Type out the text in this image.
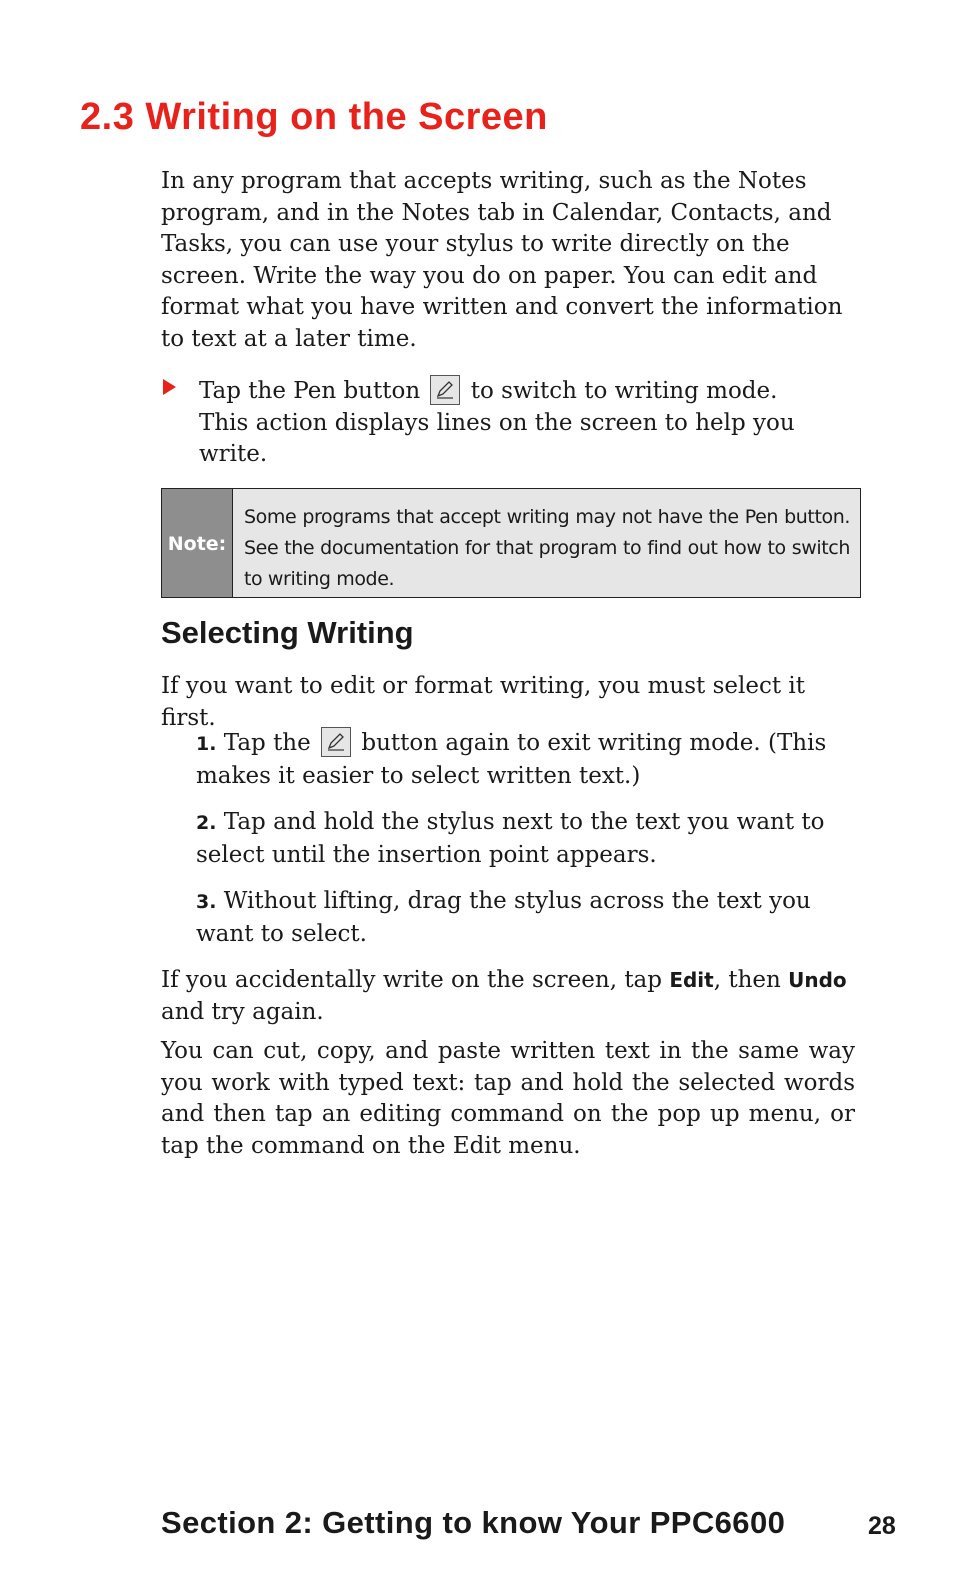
2.3 Writing on the Screen

In any program that accepts writing, such as the Notes program, and in the Notes tab in Calendar, Contacts, and Tasks, you can use your stylus to write directly on the screen. Write the way you do on paper. You can edit and format what you have written and convert the information to text at a later time.

Tap the Pen button to switch to writing mode.
This action displays lines on the screen to help you write.
Note:
Some programs that accept writing may not have the Pen button. See the documentation for that program to find out how to switch to writing mode.
Selecting Writing

If you want to edit or format writing, you must select it first.

1. Tap the button again to exit writing mode. (This makes it easier to select written text.)
2. Tap and hold the stylus next to the text you want to select until the insertion point appears.
3. Without lifting, drag the stylus across the text you want to select.

If you accidentally write on the screen, tap Edit, then Undo and try again.

You can cut, copy, and paste written text in the same way you work with typed text: tap and hold the selected words and then tap an editing command on the pop up menu, or tap the command on the Edit menu.

Section 2: Getting to know Your PPC6600	28
